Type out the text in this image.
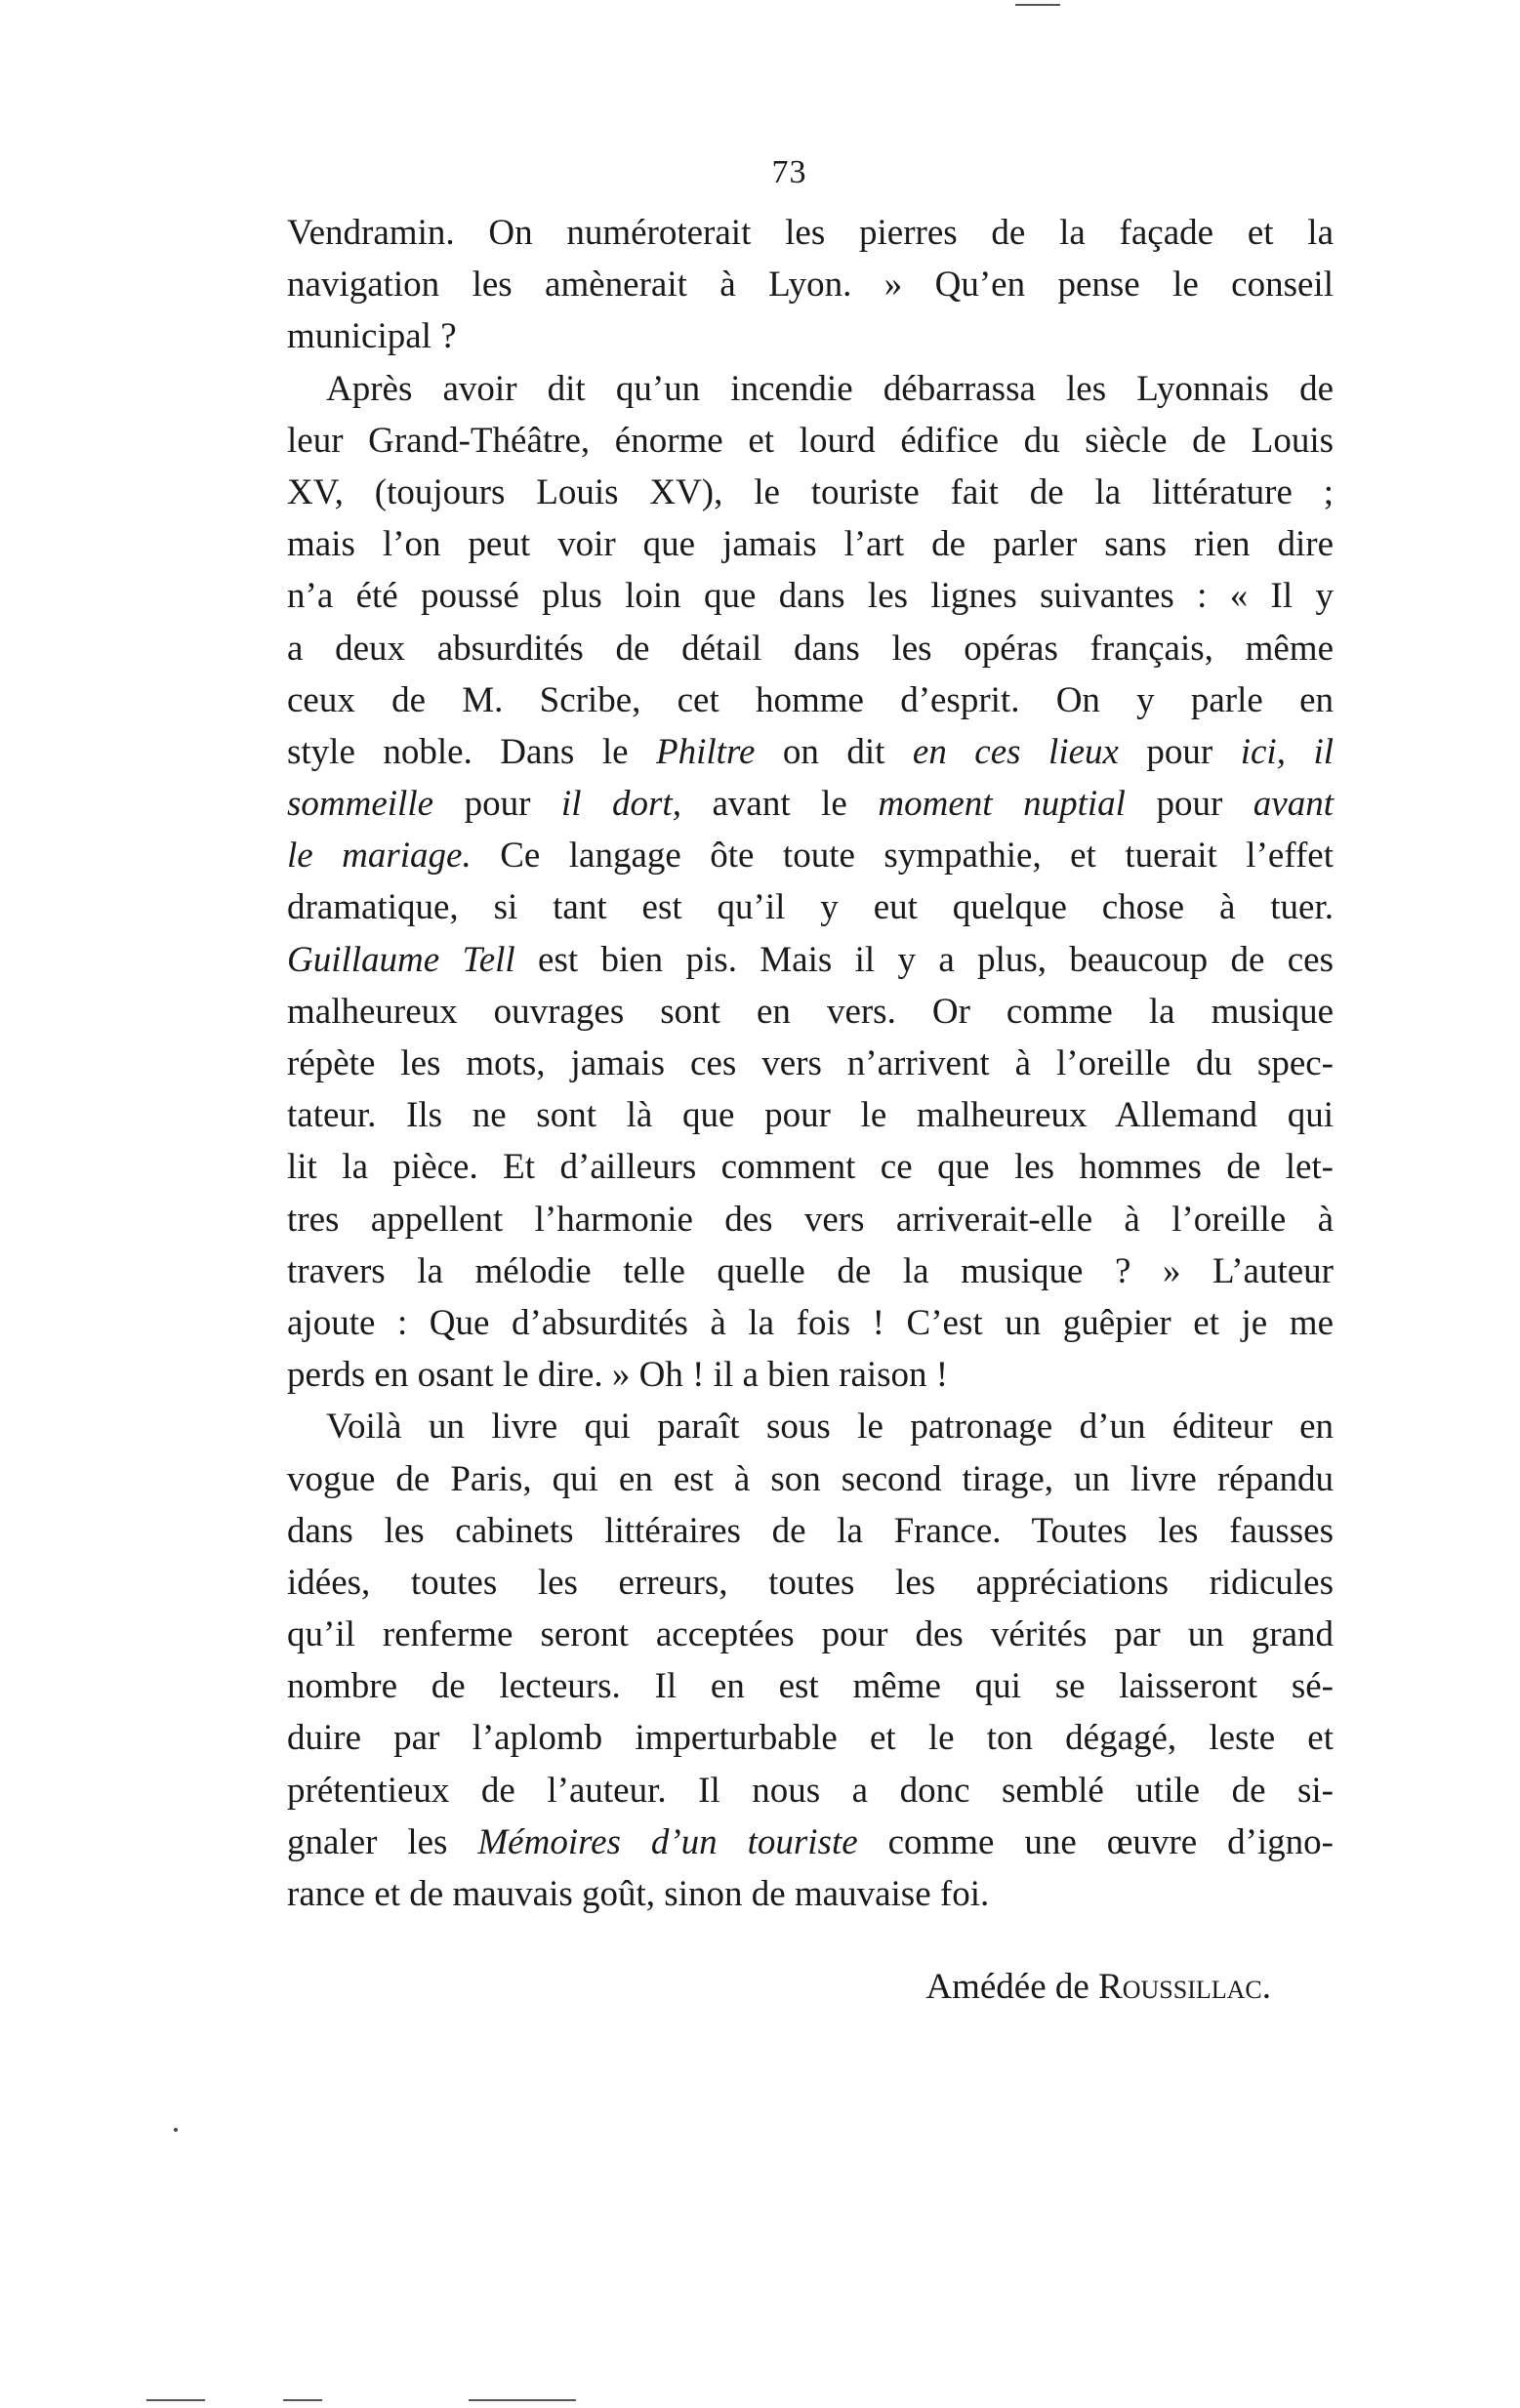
73
Vendramin. On numéroterait les pierres de la façade et la
navigation les amènerait à Lyon. » Qu’en pense le conseil
municipal ?
Après avoir dit qu’un incendie débarrassa les Lyonnais de
leur Grand-Théâtre, énorme et lourd édifice du siècle de Louis
XV, (toujours Louis XV), le touriste fait de la littérature ;
mais l’on peut voir que jamais l’art de parler sans rien dire
n’a été poussé plus loin que dans les lignes suivantes : « Il y
a deux absurdités de détail dans les opéras français, même
ceux de M. Scribe, cet homme d’esprit. On y parle en
style noble. Dans le Philtre on dit en ces lieux pour ici, il
sommeille pour il dort, avant le moment nuptial pour avant
le mariage. Ce langage ôte toute sympathie, et tuerait l’effet
dramatique, si tant est qu’il y eut quelque chose à tuer.
Guillaume Tell est bien pis. Mais il y a plus, beaucoup de ces
malheureux ouvrages sont en vers. Or comme la musique
répète les mots, jamais ces vers n’arrivent à l’oreille du spec-
tateur. Ils ne sont là que pour le malheureux Allemand qui
lit la pièce. Et d’ailleurs comment ce que les hommes de let-
tres appellent l’harmonie des vers arriverait-elle à l’oreille à
travers la mélodie telle quelle de la musique ? » L’auteur
ajoute : Que d’absurdités à la fois ! C’est un guêpier et je me
perds en osant le dire. » Oh ! il a bien raison !
Voilà un livre qui paraît sous le patronage d’un éditeur en
vogue de Paris, qui en est à son second tirage, un livre répandu
dans les cabinets littéraires de la France. Toutes les fausses
idées, toutes les erreurs, toutes les appréciations ridicules
qu’il renferme seront acceptées pour des vérités par un grand
nombre de lecteurs. Il en est même qui se laisseront sé-
duire par l’aplomb imperturbable et le ton dégagé, leste et
prétentieux de l’auteur. Il nous a donc semblé utile de si-
gnaler les Mémoires d’un touriste comme une œuvre d’igno-
rance et de mauvais goût, sinon de mauvaise foi.
Amédée de Roussillac.
